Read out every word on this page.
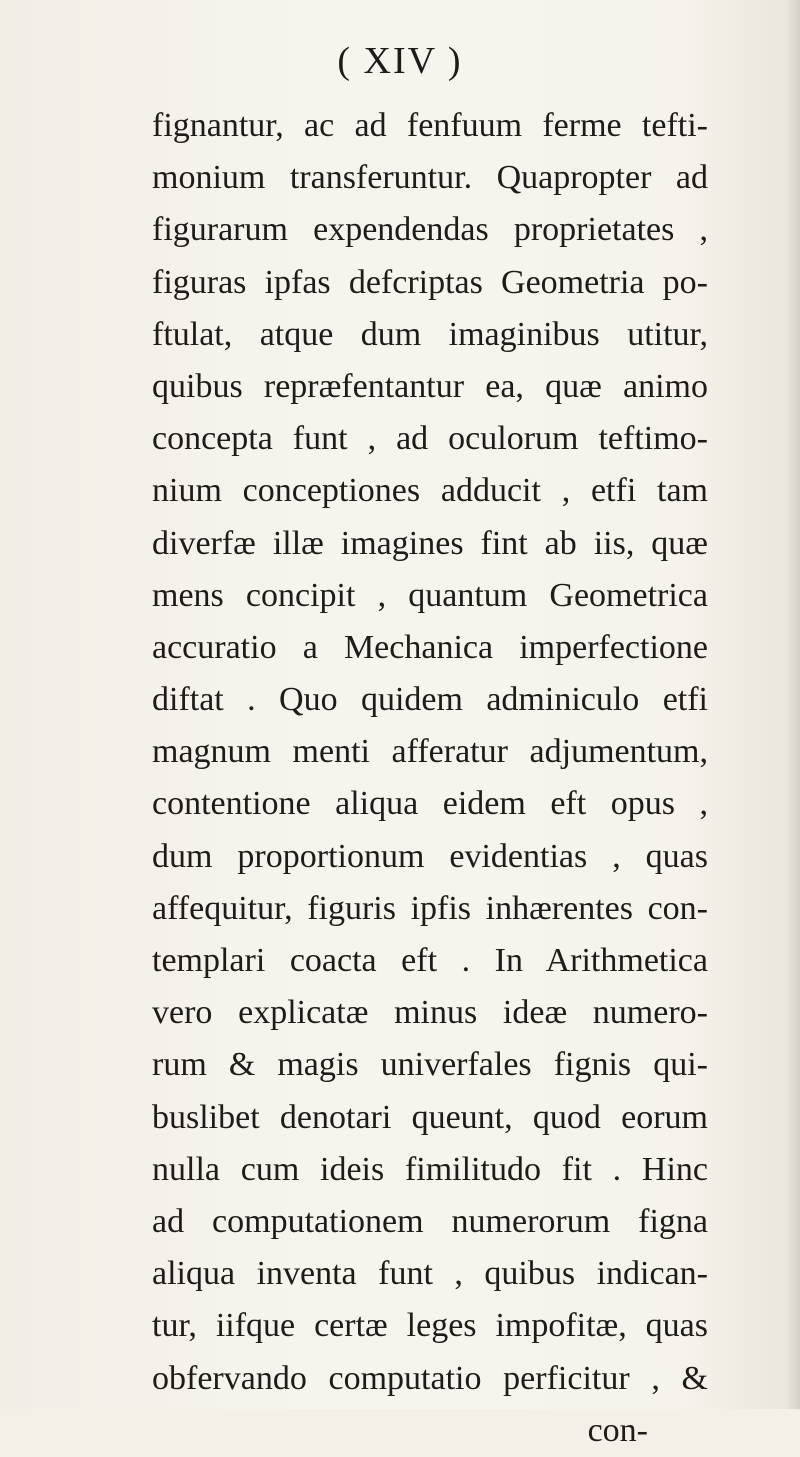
( XIV )
fignantur, ac ad fenfuum ferme tefti-
monium transferuntur. Quapropter ad
figurarum expendendas proprietates ,
figuras ipfas defcriptas Geometria po-
ftulat, atque dum imaginibus utitur,
quibus repræfentantur ea, quæ animo
concepta funt , ad oculorum teftimo-
nium conceptiones adducit , etfi tam
diverfæ illæ imagines fint ab iis, quæ
mens concipit , quantum Geometrica
accuratio a Mechanica imperfectione
diftat . Quo quidem adminiculo etfi
magnum menti afferatur adjumentum,
contentione aliqua eidem eft opus ,
dum proportionum evidentias , quas
affequitur, figuris ipfis inhærentes con-
templari coacta eft . In Arithmetica
vero explicatæ minus ideæ numero-
rum & magis univerfales fignis qui-
buslibet denotari queunt, quod eorum
nulla cum ideis fimilitudo fit . Hinc
ad computationem numerorum figna
aliqua inventa funt , quibus indican-
tur, iifque certæ leges impofitæ, quas
obfervando computatio perficitur , &
con-
